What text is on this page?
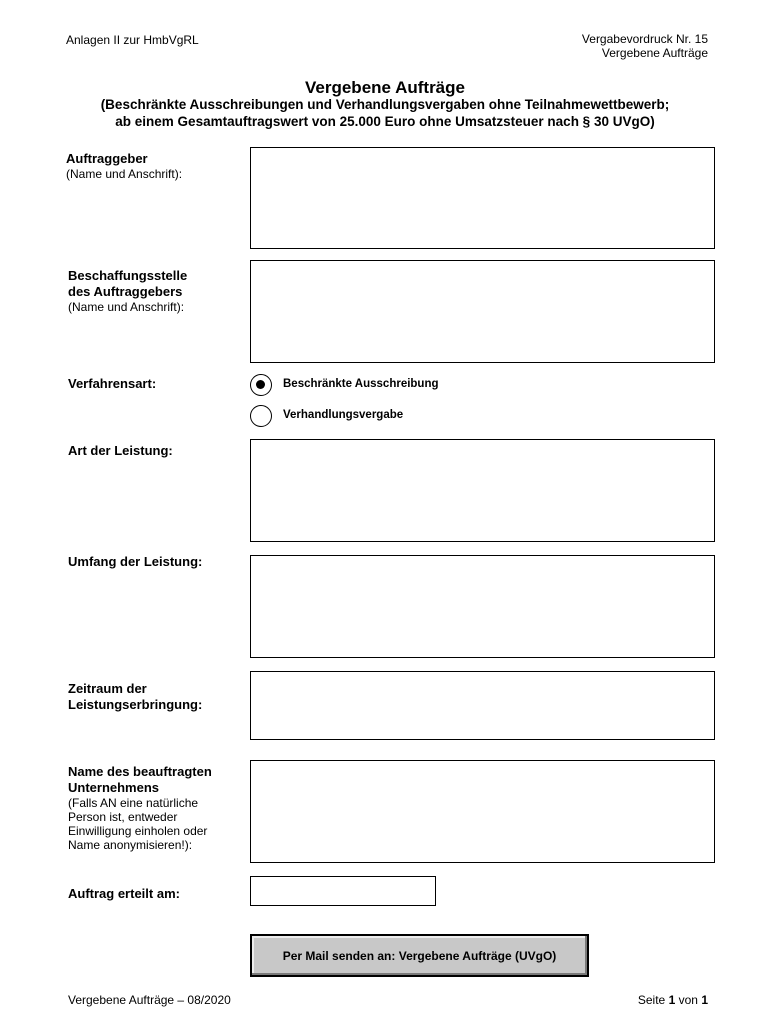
Anlagen II zur HmbVgRL	Vergabevordruck Nr. 15
Vergebene Aufträge
Vergebene Aufträge
(Beschränkte Ausschreibungen und Verhandlungsvergaben ohne Teilnahmewettbewerb;
ab einem Gesamtauftragswert von 25.000 Euro ohne Umsatzsteuer nach § 30 UVgO)
Auftraggeber
(Name und Anschrift):
Beschaffungsstelle
des Auftraggebers
(Name und Anschrift):
Verfahrensart:	Beschränkte Ausschreibung
Verhandlungsvergabe
Art der Leistung:
Umfang der Leistung:
Zeitraum der
Leistungserbringung:
Name des beauftragten
Unternehmens
(Falls AN eine natürliche
Person ist, entweder
Einwilligung einholen oder
Name anonymisieren!):
Auftrag erteilt am:
Per Mail senden an: Vergebene Aufträge (UVgO)
Vergebene Aufträge – 08/2020	Seite 1 von 1
